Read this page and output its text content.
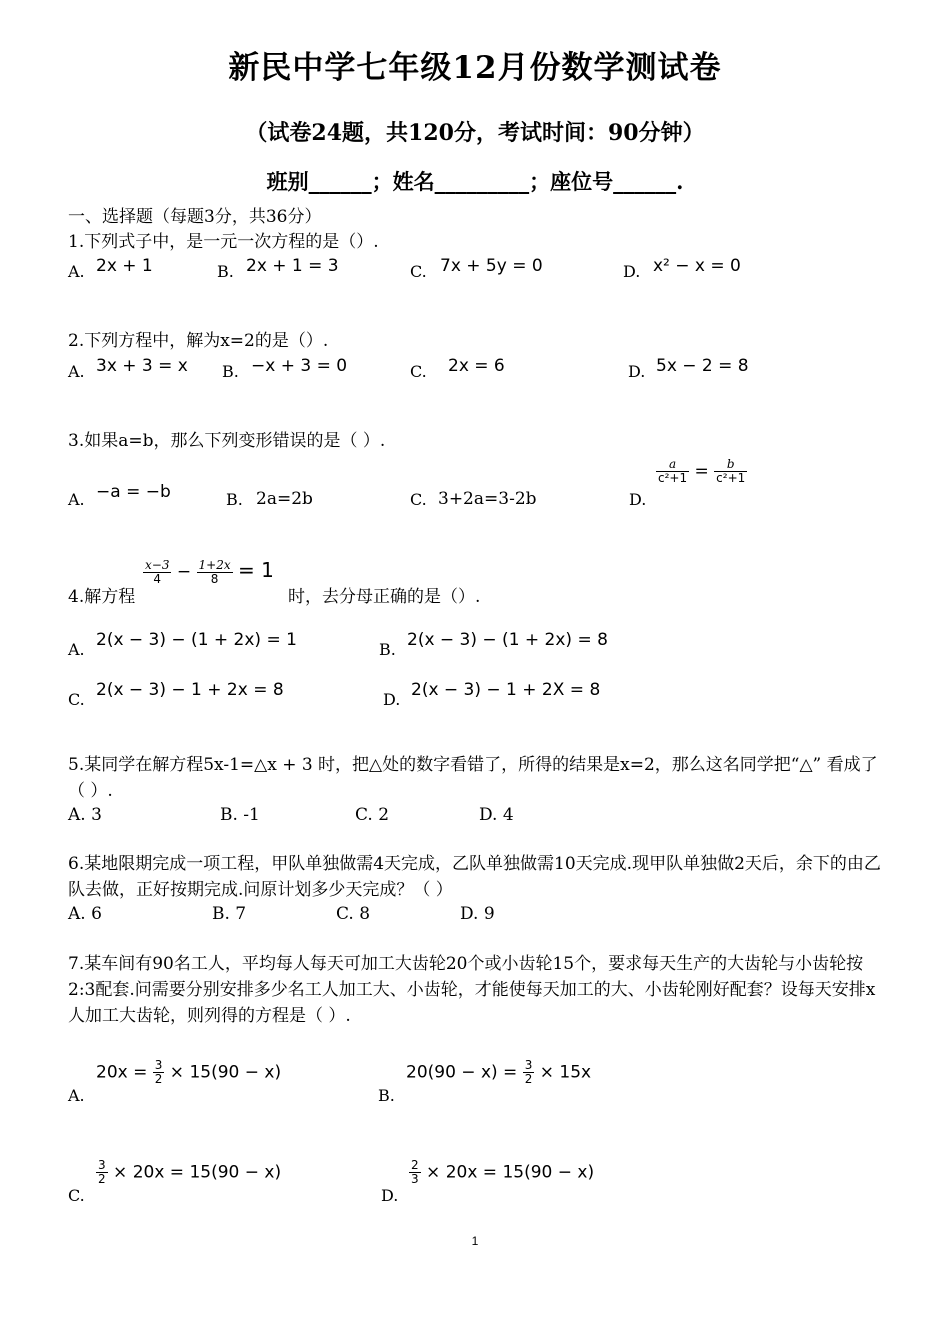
新民中学七年级12月份数学测试卷
（试卷24题，共120分，考试时间：90分钟）
班别______；姓名_________；座位号______.
一、选择题（每题3分，共36分）
1.下列式子中，是一元一次方程的是（）.
A. 2x + 1	B. 2x + 1 = 3	C. 7x + 5y = 0	D. x² − x = 0
2.下列方程中，解为x=2的是（）.
A. 3x + 3 = x B. −x + 3 = 0	C. 2x = 6	D. 5x − 2 = 8
3.如果a=b，那么下列变形错误的是（ ）.
A. −a = −b	B. 2a=2b	C. 3+2a=3-2b	D.
$\frac{a}{\text{c²+1}} = \frac{b}{\text{c²+1}}$
4.解方程
$\frac{x-3}{4} - \frac{1+2x}{8} = 1$
时，去分母正确的是（）.
A. 2(x − 3) − (1 + 2x) = 1	B. 2(x − 3) − (1 + 2x) = 8
C. 2(x − 3) − 1 + 2x = 8	D. 2(x − 3) − 1 + 2X = 8
5.某同学在解方程5x-1=△x + 3 时，把△处的数字看错了，所得的结果是x=2，那么这名同学把“△” 看成了（ ）.
A. 3	B. -1	C. 2	D. 4
6.某地限期完成一项工程，甲队单独做需4天完成，乙队单独做需10天完成.现甲队单独做2天后，余下的由乙队去做，正好按期完成.问原计划多少天完成？（ ）
A. 6	B. 7	C. 8	D. 9
7.某车间有90名工人，平均每人每天可加工大齿轮20个或小齿轮15个，要求每天生产的大齿轮与小齿轮按2:3配套.问需要分别安排多少名工人加工大、小齿轮，才能使每天加工的大、小齿轮刚好配套？设每天安排x人加工大齿轮，则列得的方程是（ ）.
A.
$20x = \frac{3}{2} \times 15(90 - x)$
B.
$20(90 - x) = \frac{3}{2} \times 15x$
C.
$\frac{3}{2} \times 20x = 15(90 - x)$
D.
$\frac{2}{3} \times 20x = 15(90 - x)$
1
